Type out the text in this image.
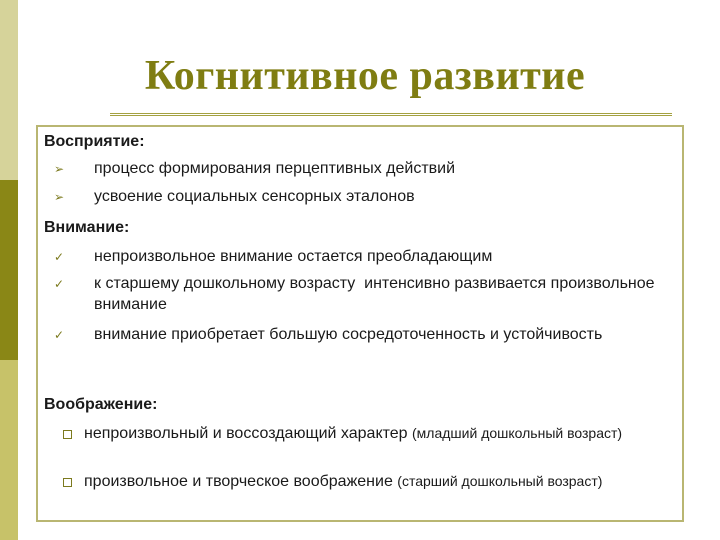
Когнитивное развитие
Восприятие:
➢ процесс формирования перцептивных действий
➢ усвоение социальных сенсорных эталонов
Внимание:
✓ непроизвольное внимание остается преобладающим
✓ к старшему дошкольному возрасту  интенсивно развивается произвольное внимание
✓ внимание приобретает большую сосредоточенность и устойчивость
Воображение:
непроизвольный и воссоздающий характер (младший дошкольный возраст)
произвольное и творческое воображение (старший дошкольный возраст)
